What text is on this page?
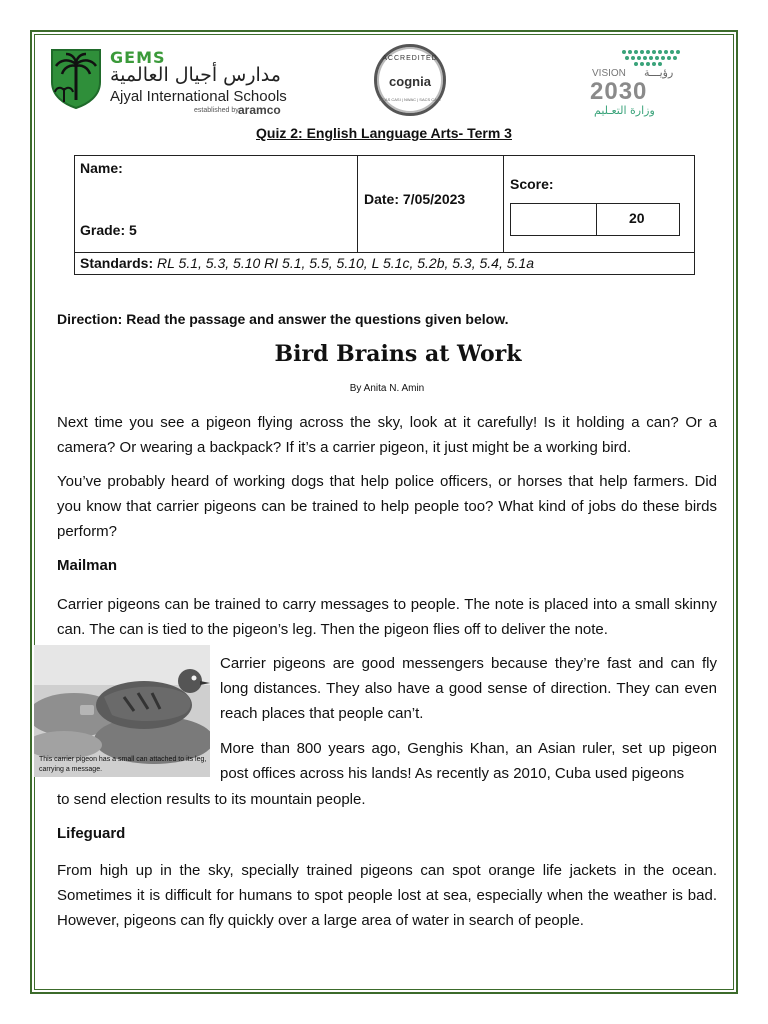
GEMS
مدارس أجيال العالمية
Ajyal International Schools
established by aramco
ACCREDITED
cognia
NEAS CASI | NWAC | SACS CASI
VISION رؤيـــة
2030
وزارة التعـليم
Quiz 2: English Language Arts- Term 3
Name:
Grade: 5
Date: 7/05/2023
Score:
20
Standards: RL 5.1, 5.3, 5.10 RI 5.1, 5.5, 5.10, L 5.1c, 5.2b, 5.3, 5.4, 5.1a
Direction: Read the passage and answer the questions given below.
Bird Brains at Work
By Anita N. Amin
Next time you see a pigeon flying across the sky, look at it carefully! Is it holding a can? Or a camera? Or wearing a backpack? If it’s a carrier pigeon, it just might be a working bird.
You’ve probably heard of working dogs that help police officers, or horses that help farmers. Did you know that carrier pigeons can be trained to help people too? What kind of jobs do these birds perform?
Mailman
Carrier pigeons can be trained to carry messages to people. The note is placed into a small skinny can. The can is tied to the pigeon’s leg. Then the pigeon flies off to deliver the note.
This carrier pigeon has a small can attached to its leg, carrying a message.
Carrier pigeons are good messengers because they’re fast and can fly long distances. They also have a good sense of direction. They can even reach places that people can’t.
More than 800 years ago, Genghis Khan, an Asian ruler, set up pigeon post offices across his lands! As recently as 2010, Cuba used pigeons
to send election results to its mountain people.
Lifeguard
From high up in the sky, specially trained pigeons can spot orange life jackets in the ocean. Sometimes it is difficult for humans to spot people lost at sea, especially when the weather is bad. However, pigeons can fly quickly over a large area of water in search of people.
